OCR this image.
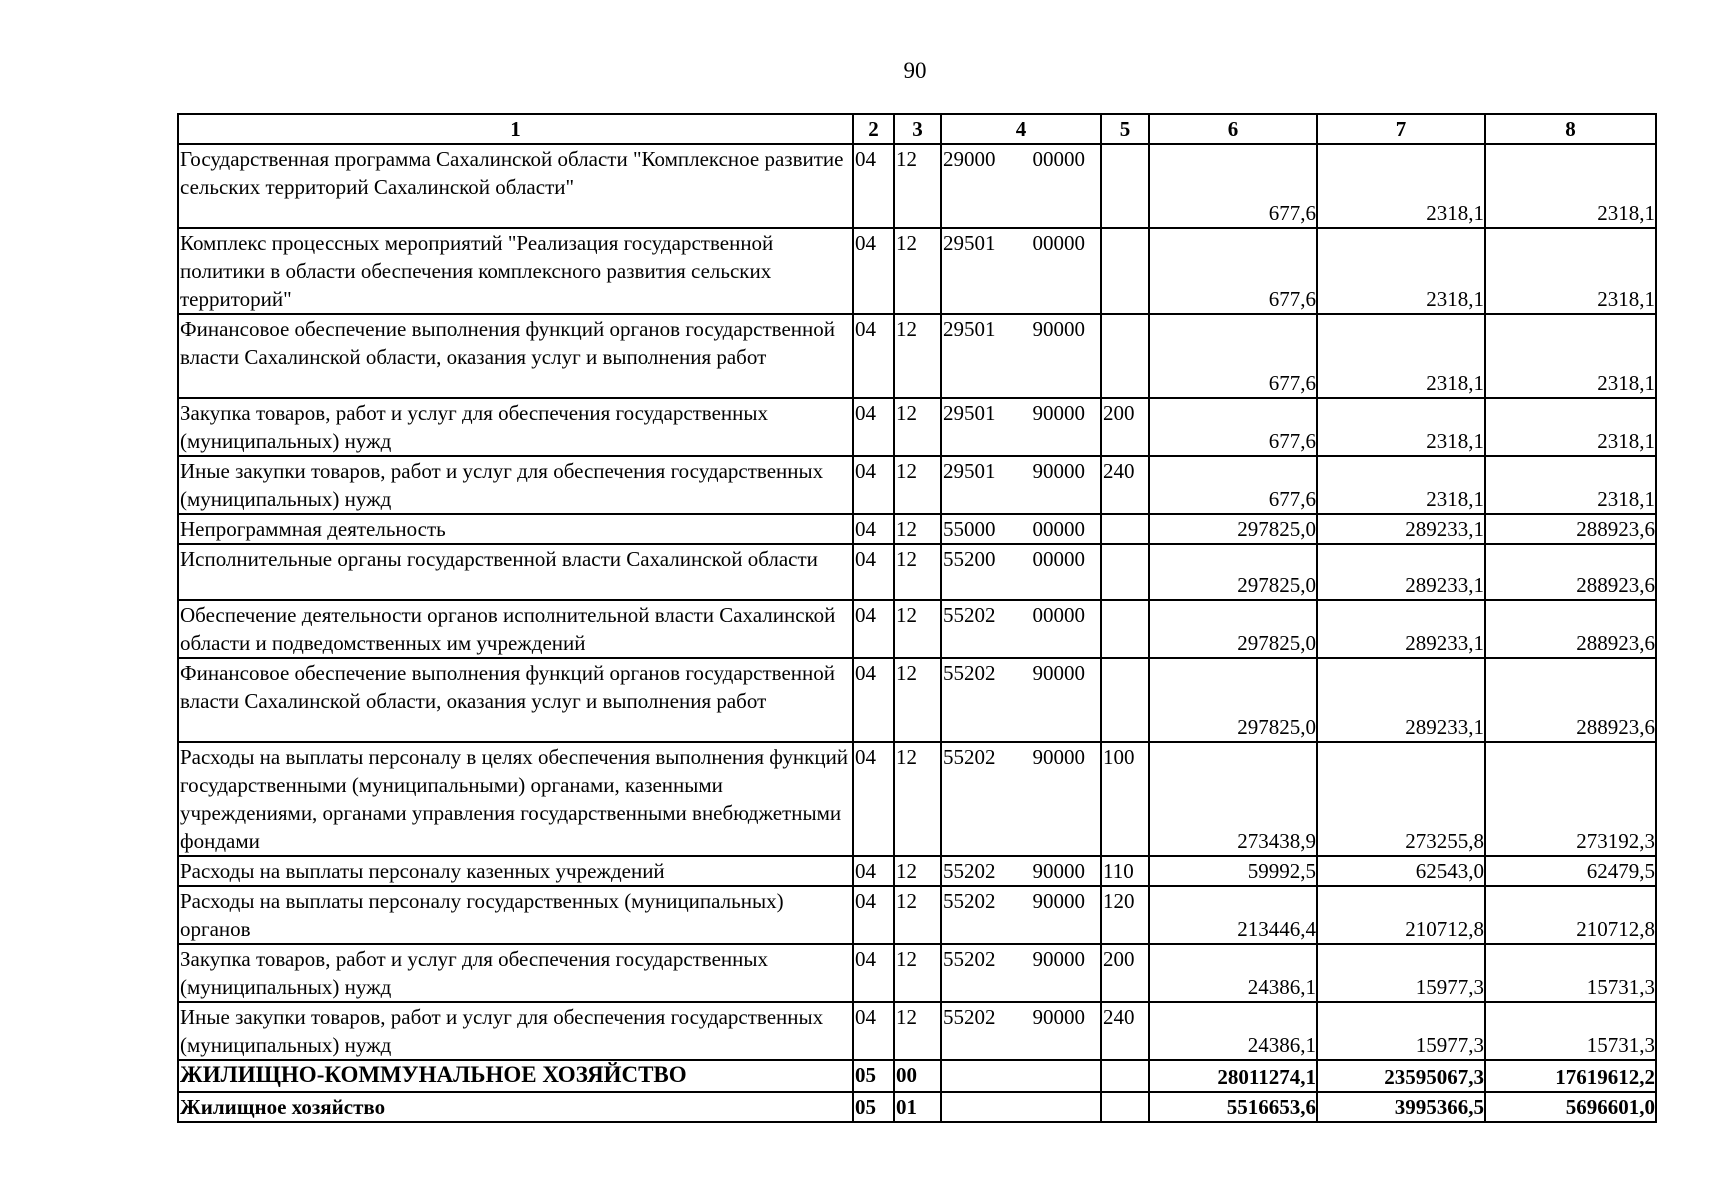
90
1	2	3	4	5	6	7	8
Государственная программа Сахалинской области "Комплексное развитие сельских территорий Сахалинской области"	04	12	29000 00000		677,6	2318,1	2318,1
Комплекс процессных мероприятий "Реализация государственной политики в области обеспечения комплексного развития сельских территорий"	04	12	29501 00000		677,6	2318,1	2318,1
Финансовое обеспечение выполнения функций органов государственной власти Сахалинской области, оказания услуг и выполнения работ	04	12	29501 90000		677,6	2318,1	2318,1
Закупка товаров, работ и услуг для обеспечения государственных (муниципальных) нужд	04	12	29501 90000	200	677,6	2318,1	2318,1
Иные закупки товаров, работ и услуг для обеспечения государственных (муниципальных) нужд	04	12	29501 90000	240	677,6	2318,1	2318,1
Непрограммная деятельность	04	12	55000 00000		297825,0	289233,1	288923,6
Исполнительные органы государственной власти Сахалинской области	04	12	55200 00000		297825,0	289233,1	288923,6
Обеспечение деятельности органов исполнительной власти Сахалинской области и подведомственных им учреждений	04	12	55202 00000		297825,0	289233,1	288923,6
Финансовое обеспечение выполнения функций органов государственной власти Сахалинской области, оказания услуг и выполнения работ	04	12	55202 90000		297825,0	289233,1	288923,6
Расходы на выплаты персоналу в целях обеспечения выполнения функций государственными (муниципальными) органами, казенными учреждениями, органами управления государственными внебюджетными фондами	04	12	55202 90000	100	273438,9	273255,8	273192,3
Расходы на выплаты персоналу казенных учреждений	04	12	55202 90000	110	59992,5	62543,0	62479,5
Расходы на выплаты персоналу государственных (муниципальных) органов	04	12	55202 90000	120	213446,4	210712,8	210712,8
Закупка товаров, работ и услуг для обеспечения государственных (муниципальных) нужд	04	12	55202 90000	200	24386,1	15977,3	15731,3
Иные закупки товаров, работ и услуг для обеспечения государственных (муниципальных) нужд	04	12	55202 90000	240	24386,1	15977,3	15731,3
ЖИЛИЩНО-КОММУНАЛЬНОЕ ХОЗЯЙСТВО	05	00			28011274,1	23595067,3	17619612,2
Жилищное хозяйство	05	01			5516653,6	3995366,5	5696601,0
